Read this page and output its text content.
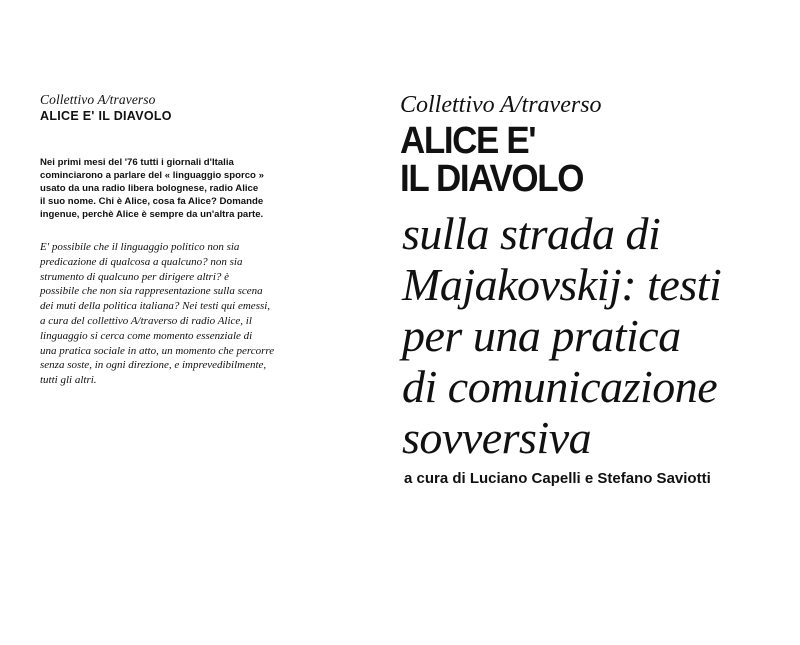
Collettivo A/traverso
ALICE E' IL DIAVOLO

Nei primi mesi del '76 tutti i giornali d'Italia
cominciarono a parlare del « linguaggio sporco »
usato da una radio libera bolognese, radio Alice
il suo nome. Chi è Alice, cosa fa Alice? Domande
ingenue, perchè Alice è sempre da un'altra parte.

E' possibile che il linguaggio politico non sia
predicazione di qualcosa a qualcuno? non sia
strumento di qualcuno per dirigere altri? è
possibile che non sia rappresentazione sulla scena
dei muti della politica italiana? Nei testi qui emessi,
a cura del collettivo A/traverso di radio Alice, il
linguaggio si cerca come momento essenziale di
una pratica sociale in atto, un momento che percorre
senza soste, in ogni direzione, e imprevedibilmente,
tutti gli altri.

Collettivo A/traverso

ALICE E'
IL DIAVOLO

sulla strada di
Majakovskij: testi
per una pratica
di comunicazione
sovversiva

a cura di Luciano Capelli e Stefano Saviotti
